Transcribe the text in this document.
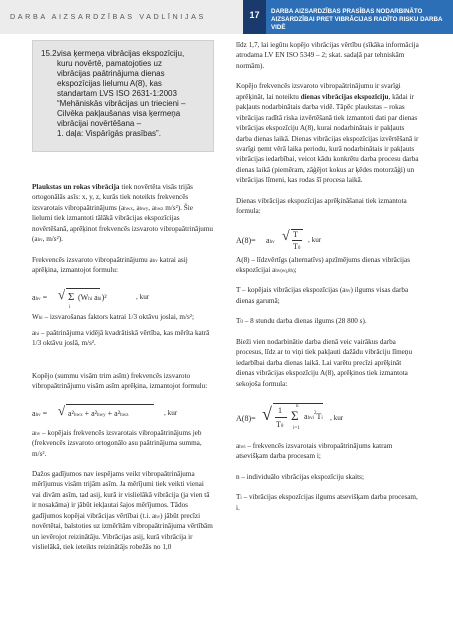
DARBA AIZSARDZĪBAS VADLĪNIJAS	17	DARBA AIZSARDZĪBAS PRASĪBAS NODARBINĀTO
AIZSARDZĪBAI PRET VIBRĀCIJAS RADĪTO RISKU DARBA VIDĒ
15.2.visa ķermeņa vibrācijas ekspozīciju,
kuru novērtē, pamatojoties uz
vibrācijas paātrinājuma dienas
ekspozīcijas lielumu A(8), kas
standartam LVS ISO 2631-1:2003
“Mehāniskās vibrācijas un triecieni –
Cilvēka pakļaušanas visa ķermeņa
vibrācijai novērtēšana –
1. daļa: Vispārīgās prasības”.

Plaukstas un rokas vibrācija tiek novērtēta visās trijās ortogonālās asīs: x, y, z, kurās tiek noteikts frekvencēs izsvarotais vibropaātrinājums (ahwx, ahwy, ahwz m/s²). Šie lielumi tiek izmantoti tālākā vibrācijas ekspozīcijas novērtēšanā, aprēķinot frekvencēs izsvaroto vibropaātrinājumu (ahv, m/s²).

Frekvencēs izsvaroto vibropaātrinājumu ahv katrai asij aprēķina, izmantojot formulu:

ahv = √ Σ
i
(Whi ahi)²	, kur

Whi – izsvarošanas faktors katrai 1/3 oktāvu joslai, m/s²;

ahi – paātrinājuma vidējā kvadrātiskā vērtība, kas mērīta katrā 1/3 oktāvu joslā, m/s².

Kopējo (summu visām trim asīm) frekvencēs izsvaroto vibropaātrinājumu visām asīm aprēķina, izmantojot formulu:

ahv = √ a²hwx + a²hwy + a²hwz	, kur

ahv – kopējais frekvencēs izsvarotais vibropaātrinājums jeb (frekvencēs izsvaroto ortogonālo asu paātrinājuma summa, m/s².

Dažos gadījumos nav iespējams veikt vibropaātrinājuma mērījumus visām trijām asīm. Ja mērījumi tiek veikti vienai vai divām asīm, tad asij, kurā ir vislielākā vibrācija (ja vien tā ir nosakāma) ir jābūt iekļautai šajos mērījumos. Tādos gadījumos kopējai vibrācijas vērtībai (t.i. ahv) jābūt precīzi novērtētai, balstoties uz izmērītām vibropaātrinājuma vērtībām un ievērojot reizinātāju. Vibrācijas asij, kurā vibrācija ir vislielākā, tiek ieteikts reizinātājs robežās no 1,0

līdz 1,7, lai iegūtu kopējo vibrācijas vērtību (sīkāka informācija atrodama LV EN ISO 5349 – 2; skat. sadaļā par tehniskām normām).

Kopējo frekvencēs izsvaroto vibropaātrinājumu ir svarīgi aprēķināt, lai noteiktu dienas vibrācijas ekspozīciju, kādai ir pakļauts nodarbinātais darba vidē. Tāpēc plaukstas – rokas vibrācijas radītā riska izvērtēšanā tiek izmantoti dati par dienas vibrācijas ekspozīciju A(8), kurai nodarbinātais ir pakļauts darba dienas laikā. Dienas vibrācijas ekspozīcijas izvērtēšanā ir svarīgi ņemt vērā laika periodu, kurā nodarbinātais ir pakļauts vibrācijas iedarbībai, veicot kādu konkrētu darba procesu darba dienas laikā (piemēram, zāģējot kokus ar ķēdes motorzāģi) un vibrācijas līmeni, kas rodas šī procesa laikā.

Dienas vibrācijas ekspozīcijas aprēķināšanai tiek izmantota formula:

A(8)= ahv √ T
T0
, kur

A(8) – līdzvērtīgs (alternatīvs) apzīmējums dienas vibrācijas ekspozīcijai ahv(eq,8h);

T – kopējais vibrācijas ekspozīcijas (ahv) ilgums visas darba dienas garumā;

T0 – 8 stundu darba dienas ilgums (28 800 s).

Bieži vien nodarbinātie darba dienā veic vairākus darba procesus, līdz ar to viņi tiek pakļauti dažādu vibrāciju līmeņu iedarbībai darba dienas laikā. Lai varētu precīzi aprēķināt dienas vibrācijas ekspozīciju A(8), aprēķinos tiek izmantota sekojoša formula:

A(8)= √ 1
T0
n
Σ
i=1
ahvi$^2$Ti , kur

ahvi – frekvencēs izsvarotais vibropaātrinājums katram atsevišķam darba procesam i;

n – individuālo vibrācijas ekspozīciju skaits;

Ti – vibrācijas ekspozīcijas ilgums atsevišķam darba procesam, i.
